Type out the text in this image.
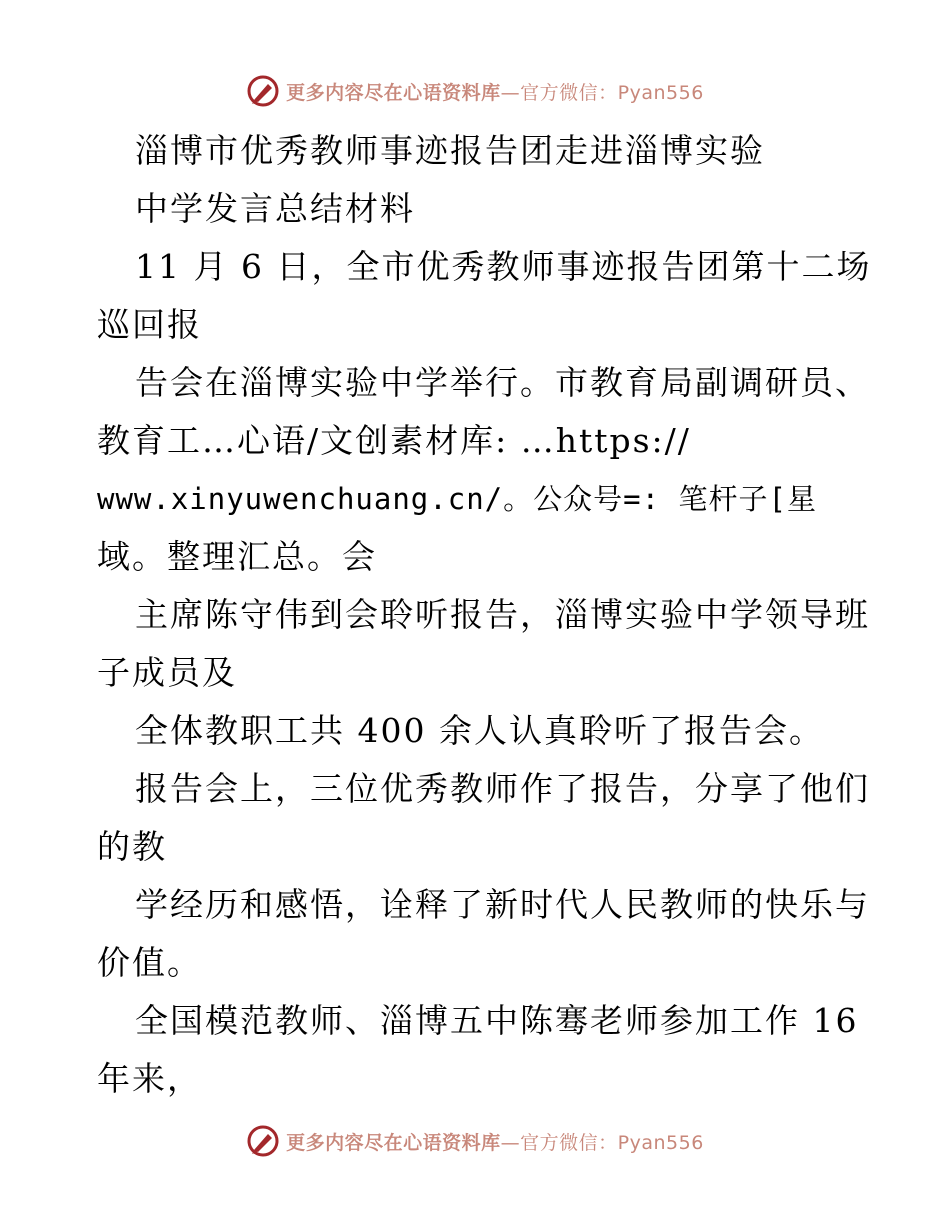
更多内容尽在心语资料库—官方微信：Pyan556
淄博市优秀教师事迹报告团走进淄博实验
中学发言总结材料
11 月 6 日，全市优秀教师事迹报告团第十二场
巡回报
告会在淄博实验中学举行。市教育局副调研员、
教育工…心语/文创素材库: …https://
www.xinyuwenchuang.cn/。公众号=: 笔杆子[星
域。整理汇总。会
主席陈守伟到会聆听报告，淄博实验中学领导班
子成员及
全体教职工共 400 余人认真聆听了报告会。
报告会上，三位优秀教师作了报告，分享了他们
的教
学经历和感悟，诠释了新时代人民教师的快乐与
价值。
全国模范教师、淄博五中陈骞老师参加工作 16
年来，
更多内容尽在心语资料库—官方微信：Pyan556
